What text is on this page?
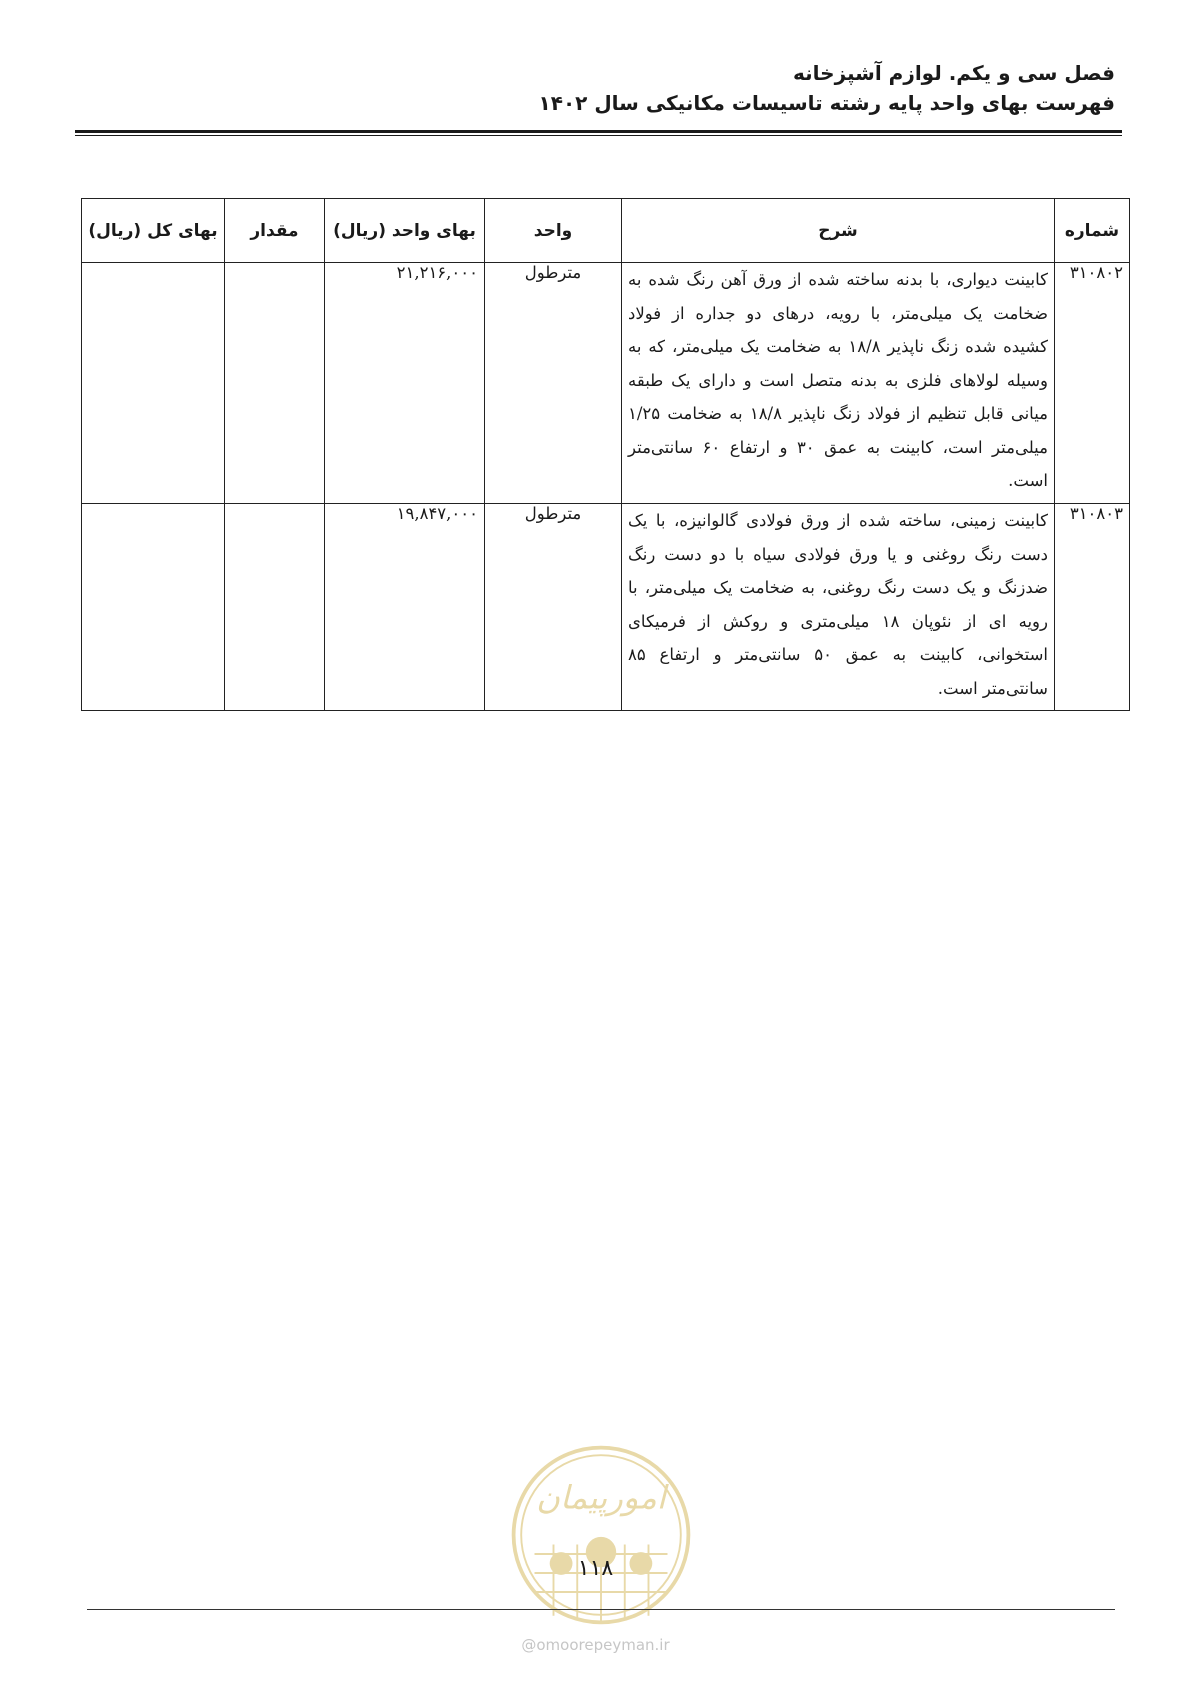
فصل سی و یکم. لوازم آشپزخانه
فهرست بهای واحد پایه رشته تاسیسات مکانیکی سال ۱۴۰۲
شماره	شرح	واحد	بهای واحد (ریال)	مقدار	بهای کل (ریال)
۳۱۰۸۰۲	کابینت دیواری، با بدنه ساخته شده از ورق آهن رنگ شده به ضخامت یک میلی‌متر، با رویه، درهای دو جداره از فولاد کشیده شده زنگ ناپذیر ۱۸/۸ به ضخامت یک میلی‌متر، که به وسیله لولاهای فلزی به بدنه متصل است و دارای یک طبقه میانی قابل تنظیم از فولاد زنگ ناپذیر ۱۸/۸ به ضخامت ۱/۲۵ میلی‌متر است، کابینت به عمق ۳۰ و ارتفاع ۶۰ سانتی‌متر است.	مترطول	۲۱,۲۱۶,۰۰۰		
۳۱۰۸۰۳	کابینت زمینی، ساخته شده از ورق فولادی گالوانیزه، با یک دست رنگ روغنی و یا ورق فولادی سیاه با دو دست رنگ ضدزنگ و یک دست رنگ روغنی، به ضخامت یک میلی‌متر، با رویه ای از نئوپان ۱۸ میلی‌متری و روکش از فرمیکای استخوانی، کابینت به عمق ۵۰ سانتی‌متر و ارتفاع ۸۵ سانتی‌متر است.	مترطول	۱۹,۸۴۷,۰۰۰		
امورپیمان
۱۱۸
@omoorepeyman.ir
